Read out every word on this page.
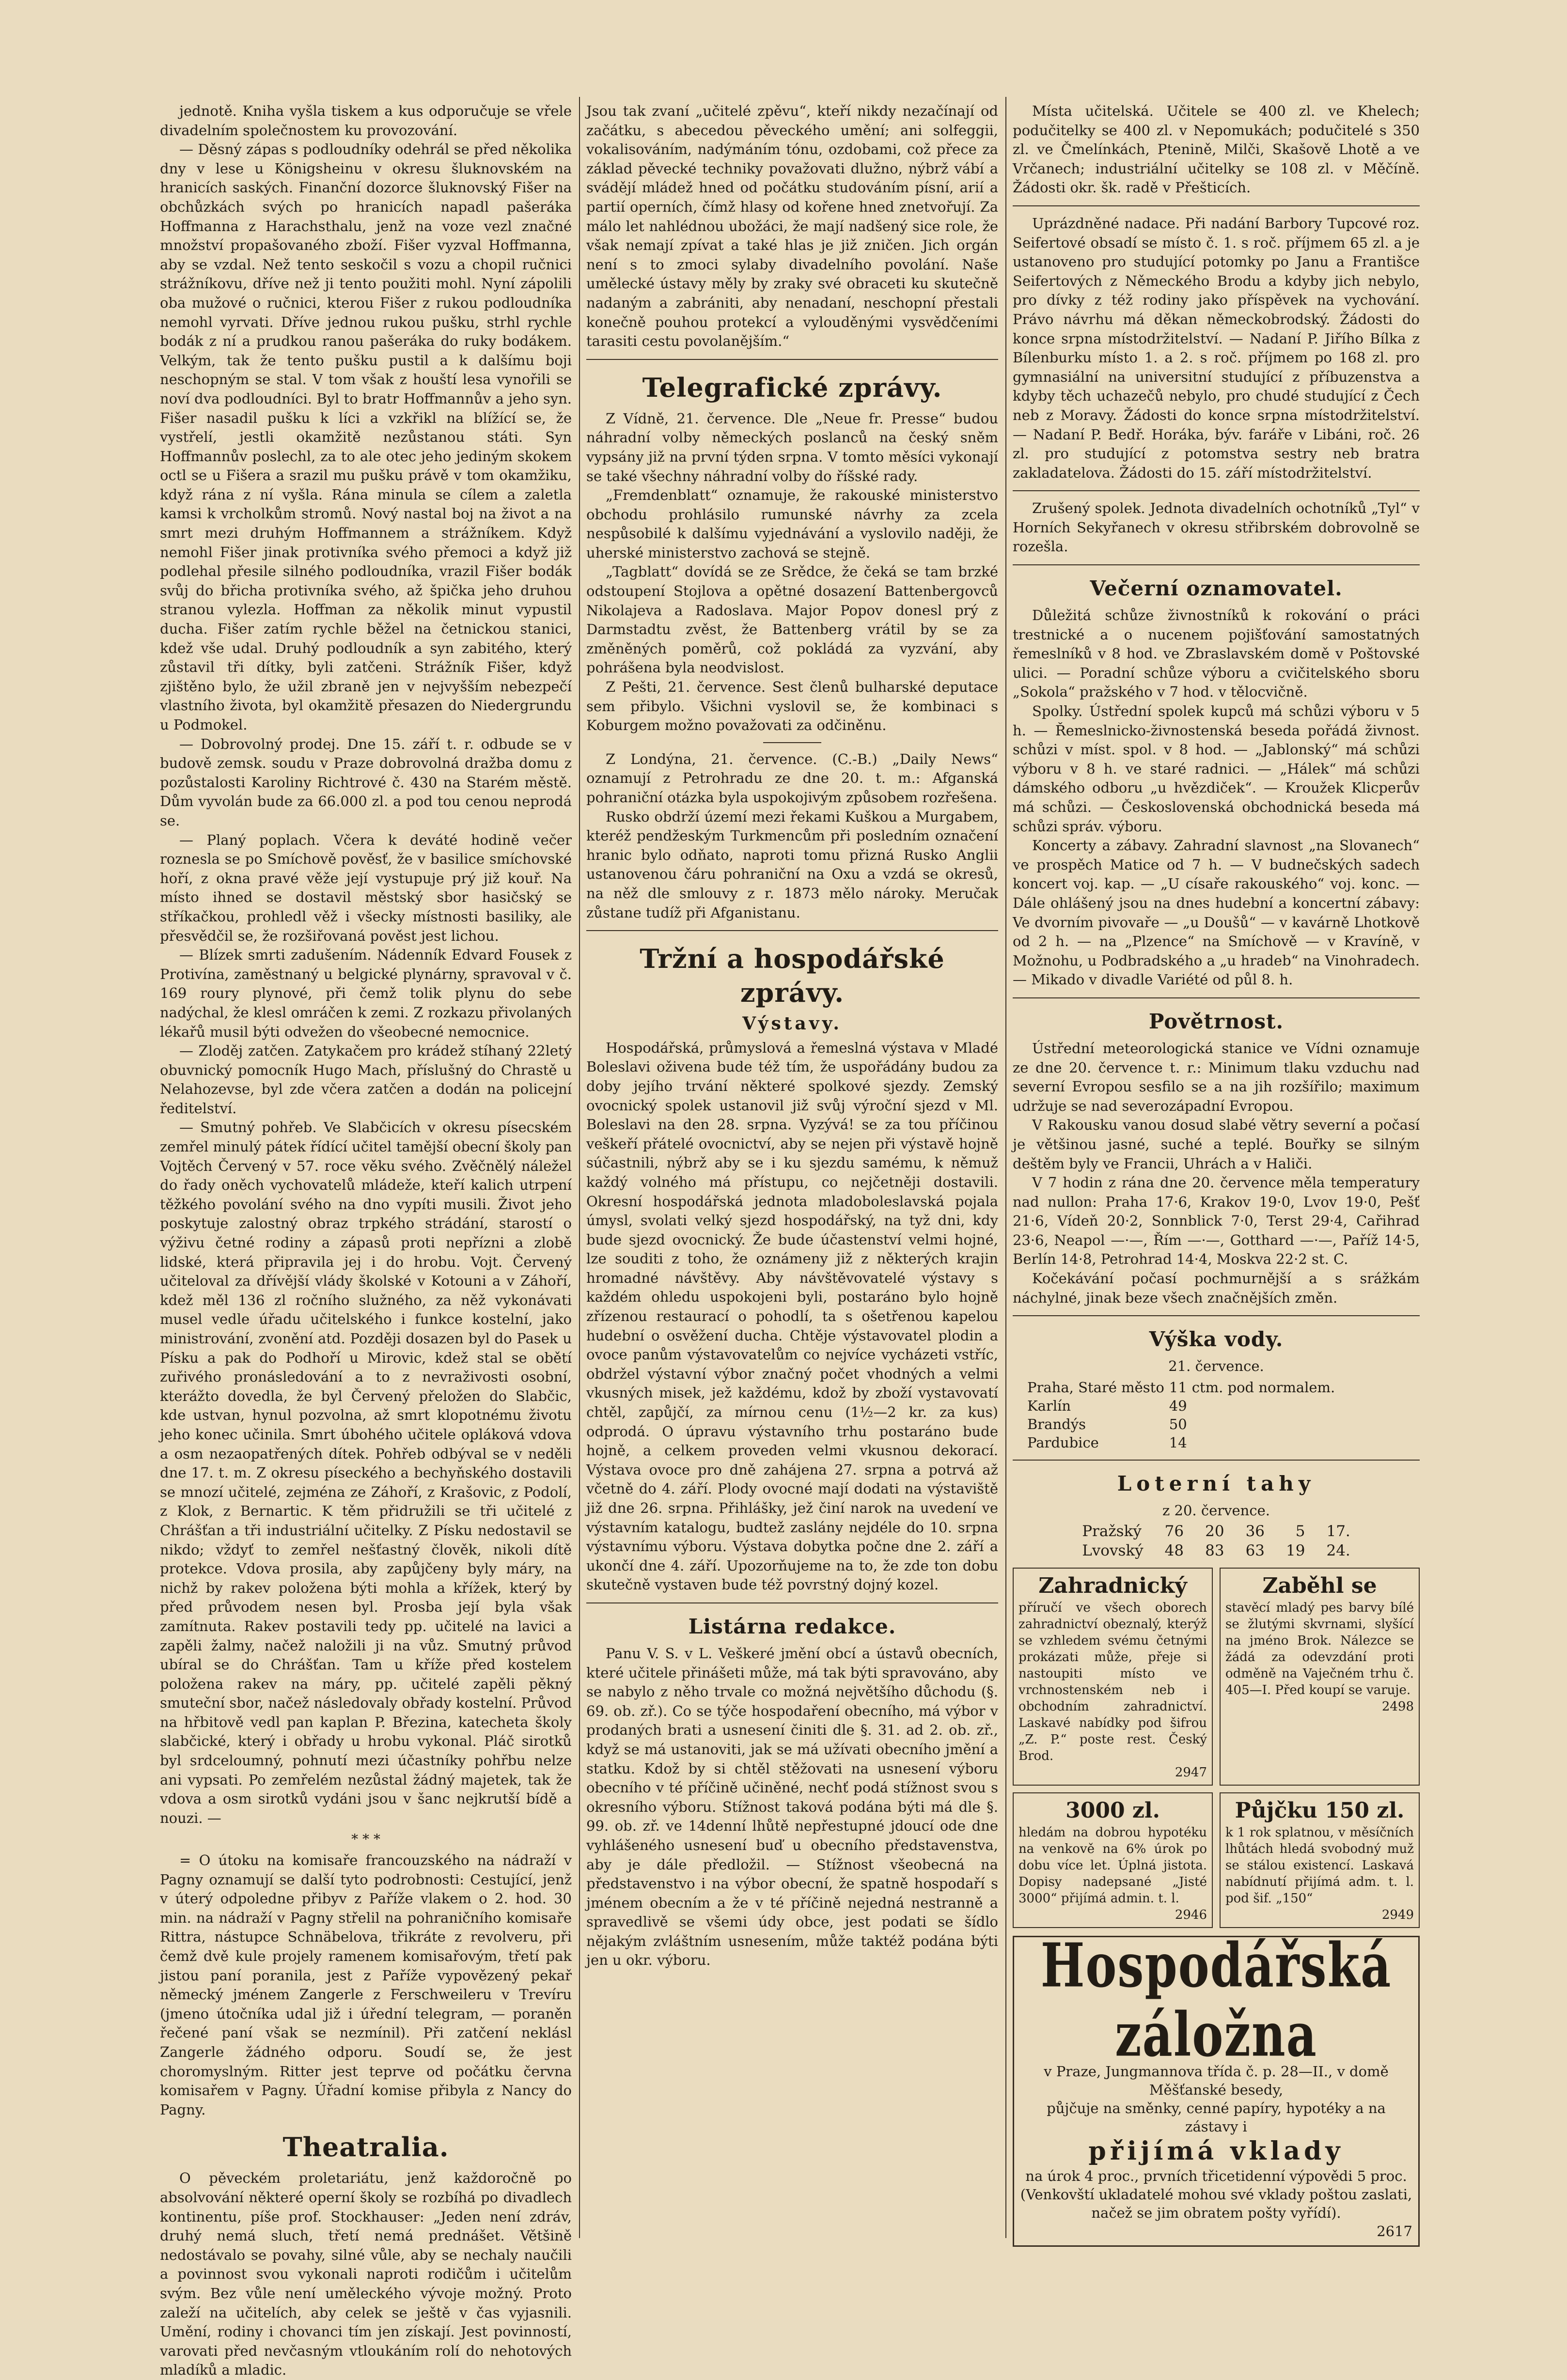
jednotě. Kniha vyšla tiskem a kus odporučuje se vřele divadelním společnostem ku provozování.

— Děsný zápas s podloudníky odehrál se před několika dny v lese u Königsheinu v okresu šluknovském na hranicích saských. Finanční dozorce šluknovský Fišer na obchůzkách svých po hranicích napadl pašeráka Hoffmanna z Harachsthalu, jenž na voze vezl značné množství propašovaného zboží. Fišer vyzval Hoffmanna, aby se vzdal. Než tento seskočil s vozu a chopil ručnici strážníkovu, dříve než ji tento použiti mohl. Nyní zápolili oba mužové o ručnici, kterou Fišer z rukou podloudníka nemohl vyrvati. Dříve jednou rukou pušku, strhl rychle bodák z ní a prudkou ranou pašeráka do ruky bodákem. Velkým, tak že tento pušku pustil a k dalšímu boji neschopným se stal. V tom však z houští lesa vynořili se noví dva podloudníci. Byl to bratr Hoffmannův a jeho syn. Fišer nasadil pušku k líci a vzkřikl na blížící se, že vystřelí, jestli okamžitě nezůstanou státi. Syn Hoffmannův poslechl, za to ale otec jeho jediným skokem octl se u Fišera a srazil mu pušku právě v tom okamžiku, když rána z ní vyšla. Rána minula se cílem a zaletla kamsi k vrcholkům stromů. Nový nastal boj na život a na smrt mezi druhým Hoffmannem a strážníkem. Když nemohl Fišer jinak protivníka svého přemoci a když již podlehal přesile silného podloudníka, vrazil Fišer bodák svůj do břicha protivníka svého, až špička jeho druhou stranou vylezla. Hoffman za několik minut vypustil ducha. Fišer zatím rychle běžel na četnickou stanici, kdež vše udal. Druhý podloudník a syn zabitého, který zůstavil tři dítky, byli zatčeni. Strážník Fišer, když zjištěno bylo, že užil zbraně jen v nejvyšším nebezpečí vlastního života, byl okamžitě přesazen do Niedergrundu u Podmokel.

— Dobrovolný prodej. Dne 15. září t. r. odbude se v budově zemsk. soudu v Praze dobrovolná dražba domu z pozůstalosti Karoliny Richtrové č. 430 na Starém městě. Dům vyvolán bude za 66.000 zl. a pod tou cenou neprodá se.

— Planý poplach. Včera k deváté hodině večer roznesla se po Smíchově pověsť, že v basilice smíchovské hoří, z okna pravé věže její vystupuje prý již kouř. Na místo ihned se dostavil městský sbor hasičský se stříkačkou, prohledl věž i všecky místnosti basiliky, ale přesvědčil se, že rozšiřovaná pověst jest lichou.

— Blízek smrti zadušením. Nádenník Edvard Fousek z Protivína, zaměstnaný u belgické plynárny, spravoval v č. 169 roury plynové, při čemž tolik plynu do sebe nadýchal, že klesl omráčen k zemi. Z rozkazu přivolaných lékařů musil býti odvežen do všeobecné nemocnice.

— Zloděj zatčen. Zatykačem pro krádež stíhaný 22letý obuvnický pomocník Hugo Mach, příslušný do Chrastě u Nelahozevse, byl zde včera zatčen a dodán na policejní ředitelství.

— Smutný pohřeb. Ve Slabčicích v okresu písecském zemřel minulý pátek řídící učitel tamější obecní školy pan Vojtěch Červený v 57. roce věku svého. Zvěčnělý náležel do řady oněch vychovatelů mládeže, kteří kalich utrpení těžkého povolání svého na dno vypíti musili. Život jeho poskytuje zalostný obraz trpkého strádání, starostí o výživu četné rodiny a zápasů proti nepřízni a zlobě lidské, která připravila jej i do hrobu. Vojt. Červený učiteloval za dřívější vlády školské v Kotouni a v Záhoří, kdež měl 136 zl ročního služného, za něž vykonávati musel vedle úřadu učitelského i funkce kostelní, jako ministrování, zvonění atd. Později dosazen byl do Pasek u Písku a pak do Podhoří u Mirovic, kdež stal se obětí zuřivého pronásledování a to z nevraživosti osobní, kterážto dovedla, že byl Červený přeložen do Slabčic, kde ustvan, hynul pozvolna, až smrt klopotnému životu jeho konec učinila. Smrt úbohého učitele opláková vdova a osm nezaopatřených dítek. Pohřeb odbýval se v neděli dne 17. t. m. Z okresu píseckého a bechyňského dostavili se mnozí učitelé, zejména ze Záhoří, z Krašovic, z Podolí, z Klok, z Bernartic. K těm přidružili se tři učitelé z Chrášťan a tři industriální učitelky. Z Písku nedostavil se nikdo; vždyť to zemřel nešťastný člověk, nikoli dítě protekce. Vdova prosila, aby zapůjčeny byly máry, na nichž by rakev položena býti mohla a křížek, který by před průvodem nesen byl. Prosba její byla však zamítnuta. Rakev postavili tedy pp. učitelé na lavici a zapěli žalmy, načež naložili ji na vůz. Smutný průvod ubíral se do Chrášťan. Tam u kříže před kostelem položena rakev na máry, pp. učitelé zapěli pěkný smuteční sbor, načež následovaly obřady kostelní. Průvod na hřbitově vedl pan kaplan P. Březina, katecheta školy slabčické, který i obřady u hrobu vykonal. Pláč sirotků byl srdceloumný, pohnutí mezi účastníky pohřbu nelze ani vypsati. Po zemřelém nezůstal žádný majetek, tak že vdova a osm sirotků vydáni jsou v šanc nejkrutší bídě a nouzi. —

* * *

= O útoku na komisaře francouzského na nádraží v Pagny oznamují se další tyto podrobnosti: Cestující, jenž v úterý odpoledne přibyv z Paříže vlakem o 2. hod. 30 min. na nádraží v Pagny střelil na pohraničního komisaře Rittra, nástupce Schnäbelova, třikráte z revolveru, při čemž dvě kule projely ramenem komisařovým, třetí pak jistou paní poranila, jest z Paříže vypovězený pekař německý jménem Zangerle z Ferschweileru v Trevíru (jmeno útočníka udal již i úřední telegram, — poraněn řečené paní však se nezmínil). Při zatčení neklásl Zangerle žádného odporu. Soudí se, že jest choromyslným. Ritter jest teprve od počátku června komisařem v Pagny. Úřadní komise přibyla z Nancy do Pagny.

Theatralia.

O pěveckém proletariátu, jenž každoročně po absolvování některé operní školy se rozbíhá po divadlech kontinentu, píše prof. Stockhauser: „Jeden není zdráv, druhý nemá sluch, třetí nemá prednášet. Většině nedostávalo se povahy, silné vůle, aby se nechaly naučili a povinnost svou vykonali naproti rodičům i učitelům svým. Bez vůle není uměleckého vývoje možný. Proto zaleží na učitelích, aby celek se ještě v čas vyjasnili. Umění, rodiny i chovanci tím jen získají. Jest povinností, varovati před nevčasným vtloukáním rolí do nehotových mladíků a mladic.

Jsou tak zvaní „učitelé zpěvu“, kteří nikdy nezačínají od začátku, s abecedou pěveckého umění; ani solfeggii, vokalisováním, nadýmáním tónu, ozdobami, což přece za základ pěvecké techniky považovati dlužno, nýbrž vábí a svádějí mládež hned od počátku studováním písní, arií a partií operních, čímž hlasy od kořene hned znetvořují. Za málo let nahlédnou ubožáci, že mají nadšený sice role, že však nemají zpívat a také hlas je již zničen. Jich orgán není s to zmoci sylaby divadelního povolání. Naše umělecké ústavy měly by zraky své obraceti ku skutečně nadaným a zabrániti, aby nenadaní, neschopní přestali konečně pouhou protekcí a vylouděnými vysvědčeními tarasiti cestu povolanějším.“

Telegrafické zprávy.

Z Vídně, 21. července. Dle „Neue fr. Presse“ budou náhradní volby německých poslanců na český sněm vypsány již na první týden srpna. V tomto měsíci vykonají se také všechny náhradní volby do říšské rady.

„Fremdenblatt“ oznamuje, že rakouské ministerstvo obchodu prohlásilo rumunské návrhy za zcela nespůsobilé k dalšímu vyjednávání a vyslovilo naději, že uherské ministerstvo zachová se stejně.

„Tagblatt“ dovídá se ze Srědce, že čeká se tam brzké odstoupení Stojlova a opětné dosazení Battenbergovců Nikolajeva a Radoslava. Major Popov donesl prý z Darmstadtu zvěst, že Battenberg vrátil by se za změněných poměrů, což pokládá za vyzvání, aby pohrášena byla neodvislost.

Z Pešti, 21. července. Sest členů bulharské deputace sem přibylo. Všichni vyslovil se, že kombinaci s Koburgem možno považovati za odčiněnu.

Z Londýna, 21. července. (C.-B.) „Daily News“ oznamují z Petrohradu ze dne 20. t. m.: Afganská pohraniční otázka byla uspokojivým způsobem rozřešena.

Rusko obdrží území mezi řekami Kuškou a Murgabem, kteréž pendžeským Turkmencům při posledním označení hranic bylo odňato, naproti tomu přizná Rusko Anglii ustanovenou čáru pohraniční na Oxu a vzdá se okresů, na něž dle smlouvy z r. 1873 mělo nároky. Meručak zůstane tudíž při Afganistanu.

Tržní a hospodářské zprávy.
Výstavy.

Hospodářská, průmyslová a řemeslná výstava v Mladé Boleslavi oživena bude též tím, že uspořádány budou za doby jejího trvání některé spolkové sjezdy. Zemský ovocnický spolek ustanovil již svůj výroční sjezd v Ml. Boleslavi na den 28. srpna. Vyzývá! se za tou příčinou veškeří přátelé ovocnictví, aby se nejen při výstavě hojně súčastnili, nýbrž aby se i ku sjezdu samému, k němuž každý volného má přístupu, co nejčetněji dostavili. Okresní hospodářská jednota mladoboleslavská pojala úmysl, svolati velký sjezd hospodářský, na tyž dni, kdy bude sjezd ovocnický. Že bude účastenství velmi hojné, lze souditi z toho, že oznámeny již z některých krajin hromadné návštěvy. Aby návštěvovatelé výstavy s každém ohledu uspokojeni byli, postaráno bylo hojně zřízenou restaurací o pohodlí, ta s ošetřenou kapelou hudební o osvěžení ducha. Chtěje výstavovatel plodin a ovoce panům výstavovatelům co nejvíce vycházeti vstříc, obdržel výstavní výbor značný počet vhodných a velmi vkusných misek, jež každému, kdož by zboží vystavovatí chtěl, zapůjčí, za mírnou cenu (1½—2 kr. za kus) odprodá. O úpravu výstavního trhu postaráno bude hojně, a celkem proveden velmi vkusnou dekorací. Výstava ovoce pro dně zahájena 27. srpna a potrvá až včetně do 4. září. Plody ovocné mají dodati na výstaviště již dne 26. srpna. Přihlášky, jež činí narok na uvedení ve výstavním katalogu, budtež zaslány nejdéle do 10. srpna výstavnímu výboru. Výstava dobytka počne dne 2. září a ukončí dne 4. září. Upozorňujeme na to, že zde ton dobu skutečně vystaven bude též povrstný dojný kozel.

Listárna redakce.

Panu V. S. v L. Veškeré jmění obcí a ústavů obecních, které učitele přinášeti může, má tak býti spravováno, aby se nabylo z něho trvale co možná největšího důchodu (§. 69. ob. zř.). Co se týče hospodaření obecního, má výbor v prodaných brati a usnesení činiti dle §. 31. ad 2. ob. zř., když se má ustanoviti, jak se má užívati obecního jmění a statku. Kdož by si chtěl stěžovati na usnesení výboru obecního v té příčině učiněné, nechť podá stížnost svou s okresního výboru. Stížnost taková podána býti má dle §. 99. ob. zř. ve 14denní lhůtě nepřestupné jdoucí ode dne vyhlášeného usnesení buď u obecního představenstva, aby je dále předložil. — Stížnost všeobecná na představenstvo i na výbor obecní, že spatně hospodaří s jménem obecním a že v té příčině nejedná nestranně a spravedlivě se všemi údy obce, jest podati se šídlo nějakým zvláštním usnesením, může taktéž podána býti jen u okr. výboru.

Místa učitelská. Učitele se 400 zl. ve Khelech; podučitelky se 400 zl. v Nepomukách; podučitelé s 350 zl. ve Čmelínkách, Ptenině, Milči, Skašově Lhotě a ve Vrčanech; industriální učitelky se 108 zl. v Měčíně. Žádosti okr. šk. radě v Přešticích.

Uprázdněné nadace. Při nadání Barbory Tupcové roz. Seifertové obsadí se místo č. 1. s roč. příjmem 65 zl. a je ustanoveno pro studující potomky po Janu a Františce Seifertových z Německého Brodu a kdyby jich nebylo, pro dívky z též rodiny jako příspěvek na vychování. Právo návrhu má děkan německobrodský. Žádosti do konce srpna místodržitelství. — Nadaní P. Jiřího Bílka z Bílenburku místo 1. a 2. s roč. příjmem po 168 zl. pro gymnasiální na universitní studující z příbuzenstva a kdyby těch uchazečů nebylo, pro chudé studující z Čech neb z Moravy. Žádosti do konce srpna místodržitelství. — Nadaní P. Bedř. Horáka, býv. faráře v Libáni, roč. 26 zl. pro studující z potomstva sestry neb bratra zakladatelova. Žádosti do 15. září místodržitelství.

Zrušený spolek. Jednota divadelních ochotníků „Tyl“ v Horních Sekyřanech v okresu střibrském dobrovolně se rozešla.

Večerní oznamovatel.

Důležitá schůze živnostníků k rokování o práci trestnické a o nucenem pojišťování samostatných řemeslníků v 8 hod. ve Zbraslavském domě v Poštovské ulici. — Poradní schůze výboru a cvičitelského sboru „Sokola“ pražského v 7 hod. v tělocvičně.

Spolky. Ústřední spolek kupců má schůzi výboru v 5 h. — Řemeslnicko-živnostenská beseda pořádá živnost. schůzi v míst. spol. v 8 hod. — „Jablonský“ má schůzi výboru v 8 h. ve staré radnici. — „Hálek“ má schůzi dámského odboru „u hvězdiček“. — Kroužek Klicperův má schůzi. — Československá obchodnická beseda má schůzi správ. výboru.

Koncerty a zábavy. Zahradní slavnost „na Slovanech“ ve prospěch Matice od 7 h. — V budnečských sadech koncert voj. kap. — „U císaře rakouského“ voj. konc. — Dále ohlášený jsou na dnes hudební a koncertní zábavy: Ve dvorním pivovaře — „u Doušů“ — v kavárně Lhotkově od 2 h. — na „Plzence“ na Smíchově — v Kravíně, v Možnohu, u Podbradského a „u hradeb“ na Vinohradech. — Mikado v divadle Variété od půl 8. h.

Povětrnost.

Ústřední meteorologická stanice ve Vídni oznamuje ze dne 20. července t. r.: Minimum tlaku vzduchu nad severní Evropou sesfilo se a na jih rozšířilo; maximum udržuje se nad severozápadní Evropou.

V Rakousku vanou dosud slabé větry severní a počasí je většinou jasné, suché a teplé. Bouřky se silným deštěm byly ve Francii, Uhrách a v Haliči.

V 7 hodin z rána dne 20. července měla temperatury nad nullon: Praha 17·6, Krakov 19·0, Lvov 19·0, Pešť 21·6, Vídeň 20·2, Sonnblick 7·0, Terst 29·4, Cařihrad 23·6, Neapol —·—, Řím —·—, Gotthard —·—, Paříž 14·5, Berlín 14·8, Petrohrad 14·4, Moskva 22·2 st. C.

Kočekávání počasí pochmurnější a s srážkám náchylné, jinak beze všech značnějších změn.

Výška vody.
21. července.
Praha, Staré město	11	ctm. pod normalem.
Karlín	49	
Brandýs	50	
Pardubice	14	
Loterní tahy
z 20. července.
Pražský	76	20	36	5	17.
Lvovský	48	83	63	19	24.
Zahradnický
příručí ve všech oborech zahradnictví obeznalý, kterýž se vzhledem svému četnými prokázati může, přeje si nastoupiti místo ve vrchnostenském neb i obchodním zahradnictví. Laskavé nabídky pod šifrou „Z. P.“ poste rest. Český Brod.
2947
Zaběhl se
stavěcí mladý pes barvy bílé se žlutými skvrnami, slyšící na jméno Brok. Nálezce se žádá za odevzdání proti odměně na Vaječném trhu č. 405—I. Před koupí se varuje.
2498
3000 zl.
hledám na dobrou hypotéku na venkově na 6% úrok po dobu více let. Úplná jistota. Dopisy nadepsané „Jisté 3000“ přijímá admin. t. l.
2946
Půjčku 150 zl.
k 1 rok splatnou, v měsíčních lhůtách hledá svobodný muž se stálou existencí. Laskavá nabídnutí přijímá adm. t. l. pod šif. „150“
2949
Hospodářská záložna
v Praze, Jungmannova třída č. p. 28—II., v domě Měšťanské besedy,
půjčuje na směnky, cenné papíry, hypotéky a na zástavy i
přijímá vklady
na úrok 4 proc., prvních třicetidenní výpovědi 5 proc.
(Venkovští ukladatelé mohou své vklady poštou zaslati, načež se jim obratem pošty vyřídí).
2617
